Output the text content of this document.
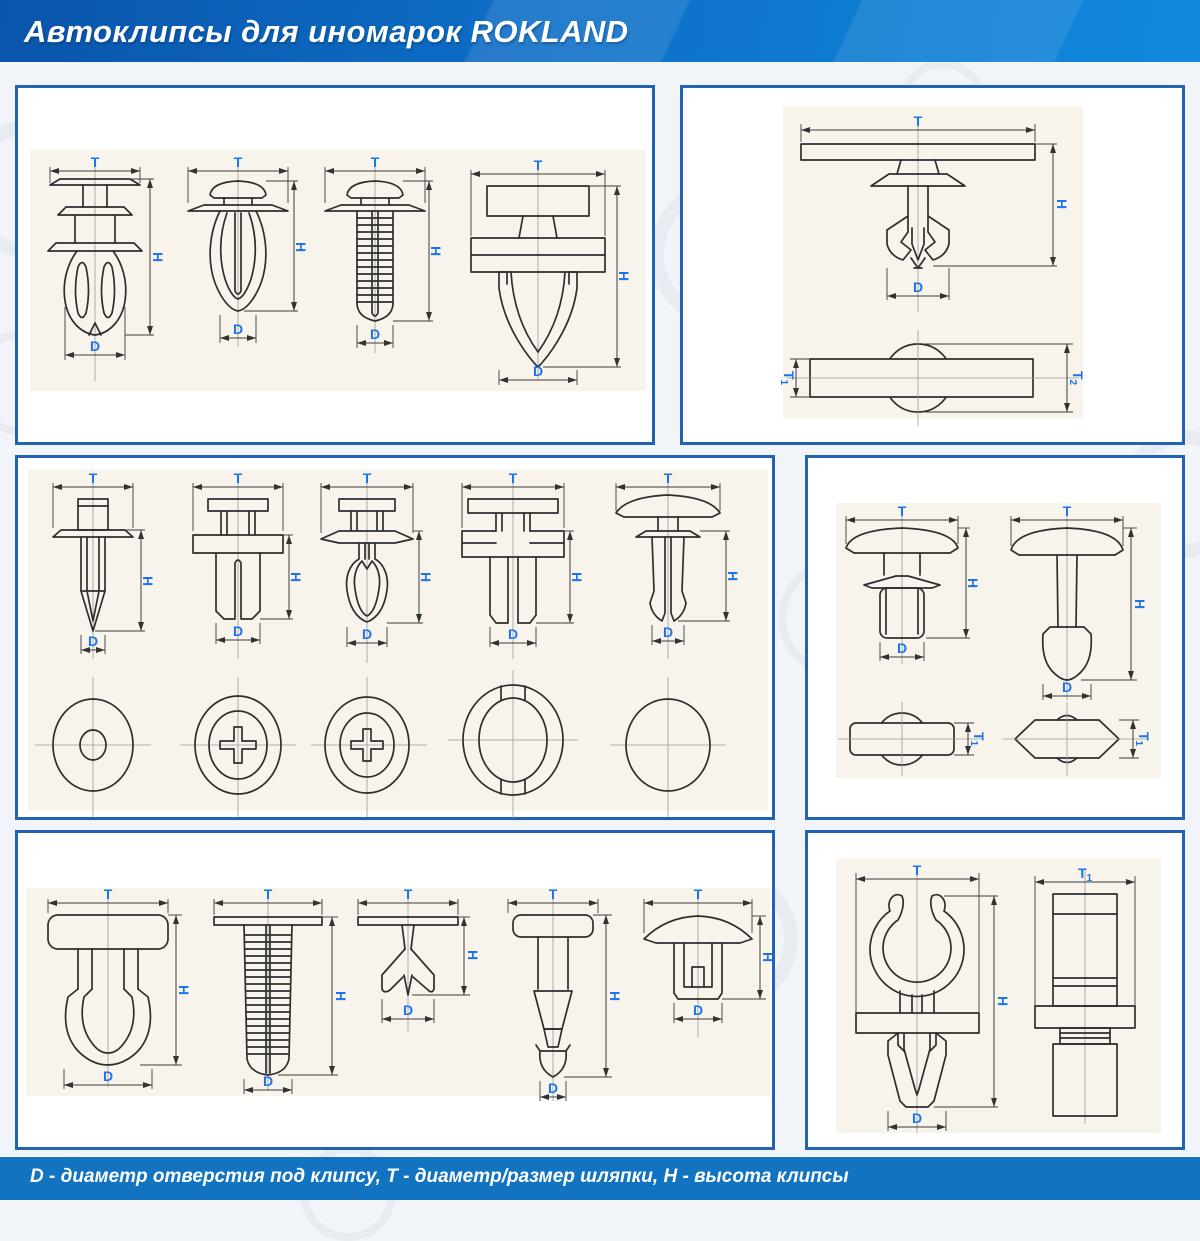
Автоклипсы для иномарок ROKLAND
T
H
D
T
H
D
T
H
D
T
H
D
T
H
D
$T_1$
$T_2$
T
H
D
T
H
D
T
H
D
T
H
D
T
H
D
T
H
D
T
H
D
$T_1$
$T_1$
T
H
D
T
H
D
T
H
D
T
H
D
T
H
D
T
H
D
$T_1$
D - диаметр отверстия под клипсу, T - диаметр/размер шляпки, H - высота клипсы
